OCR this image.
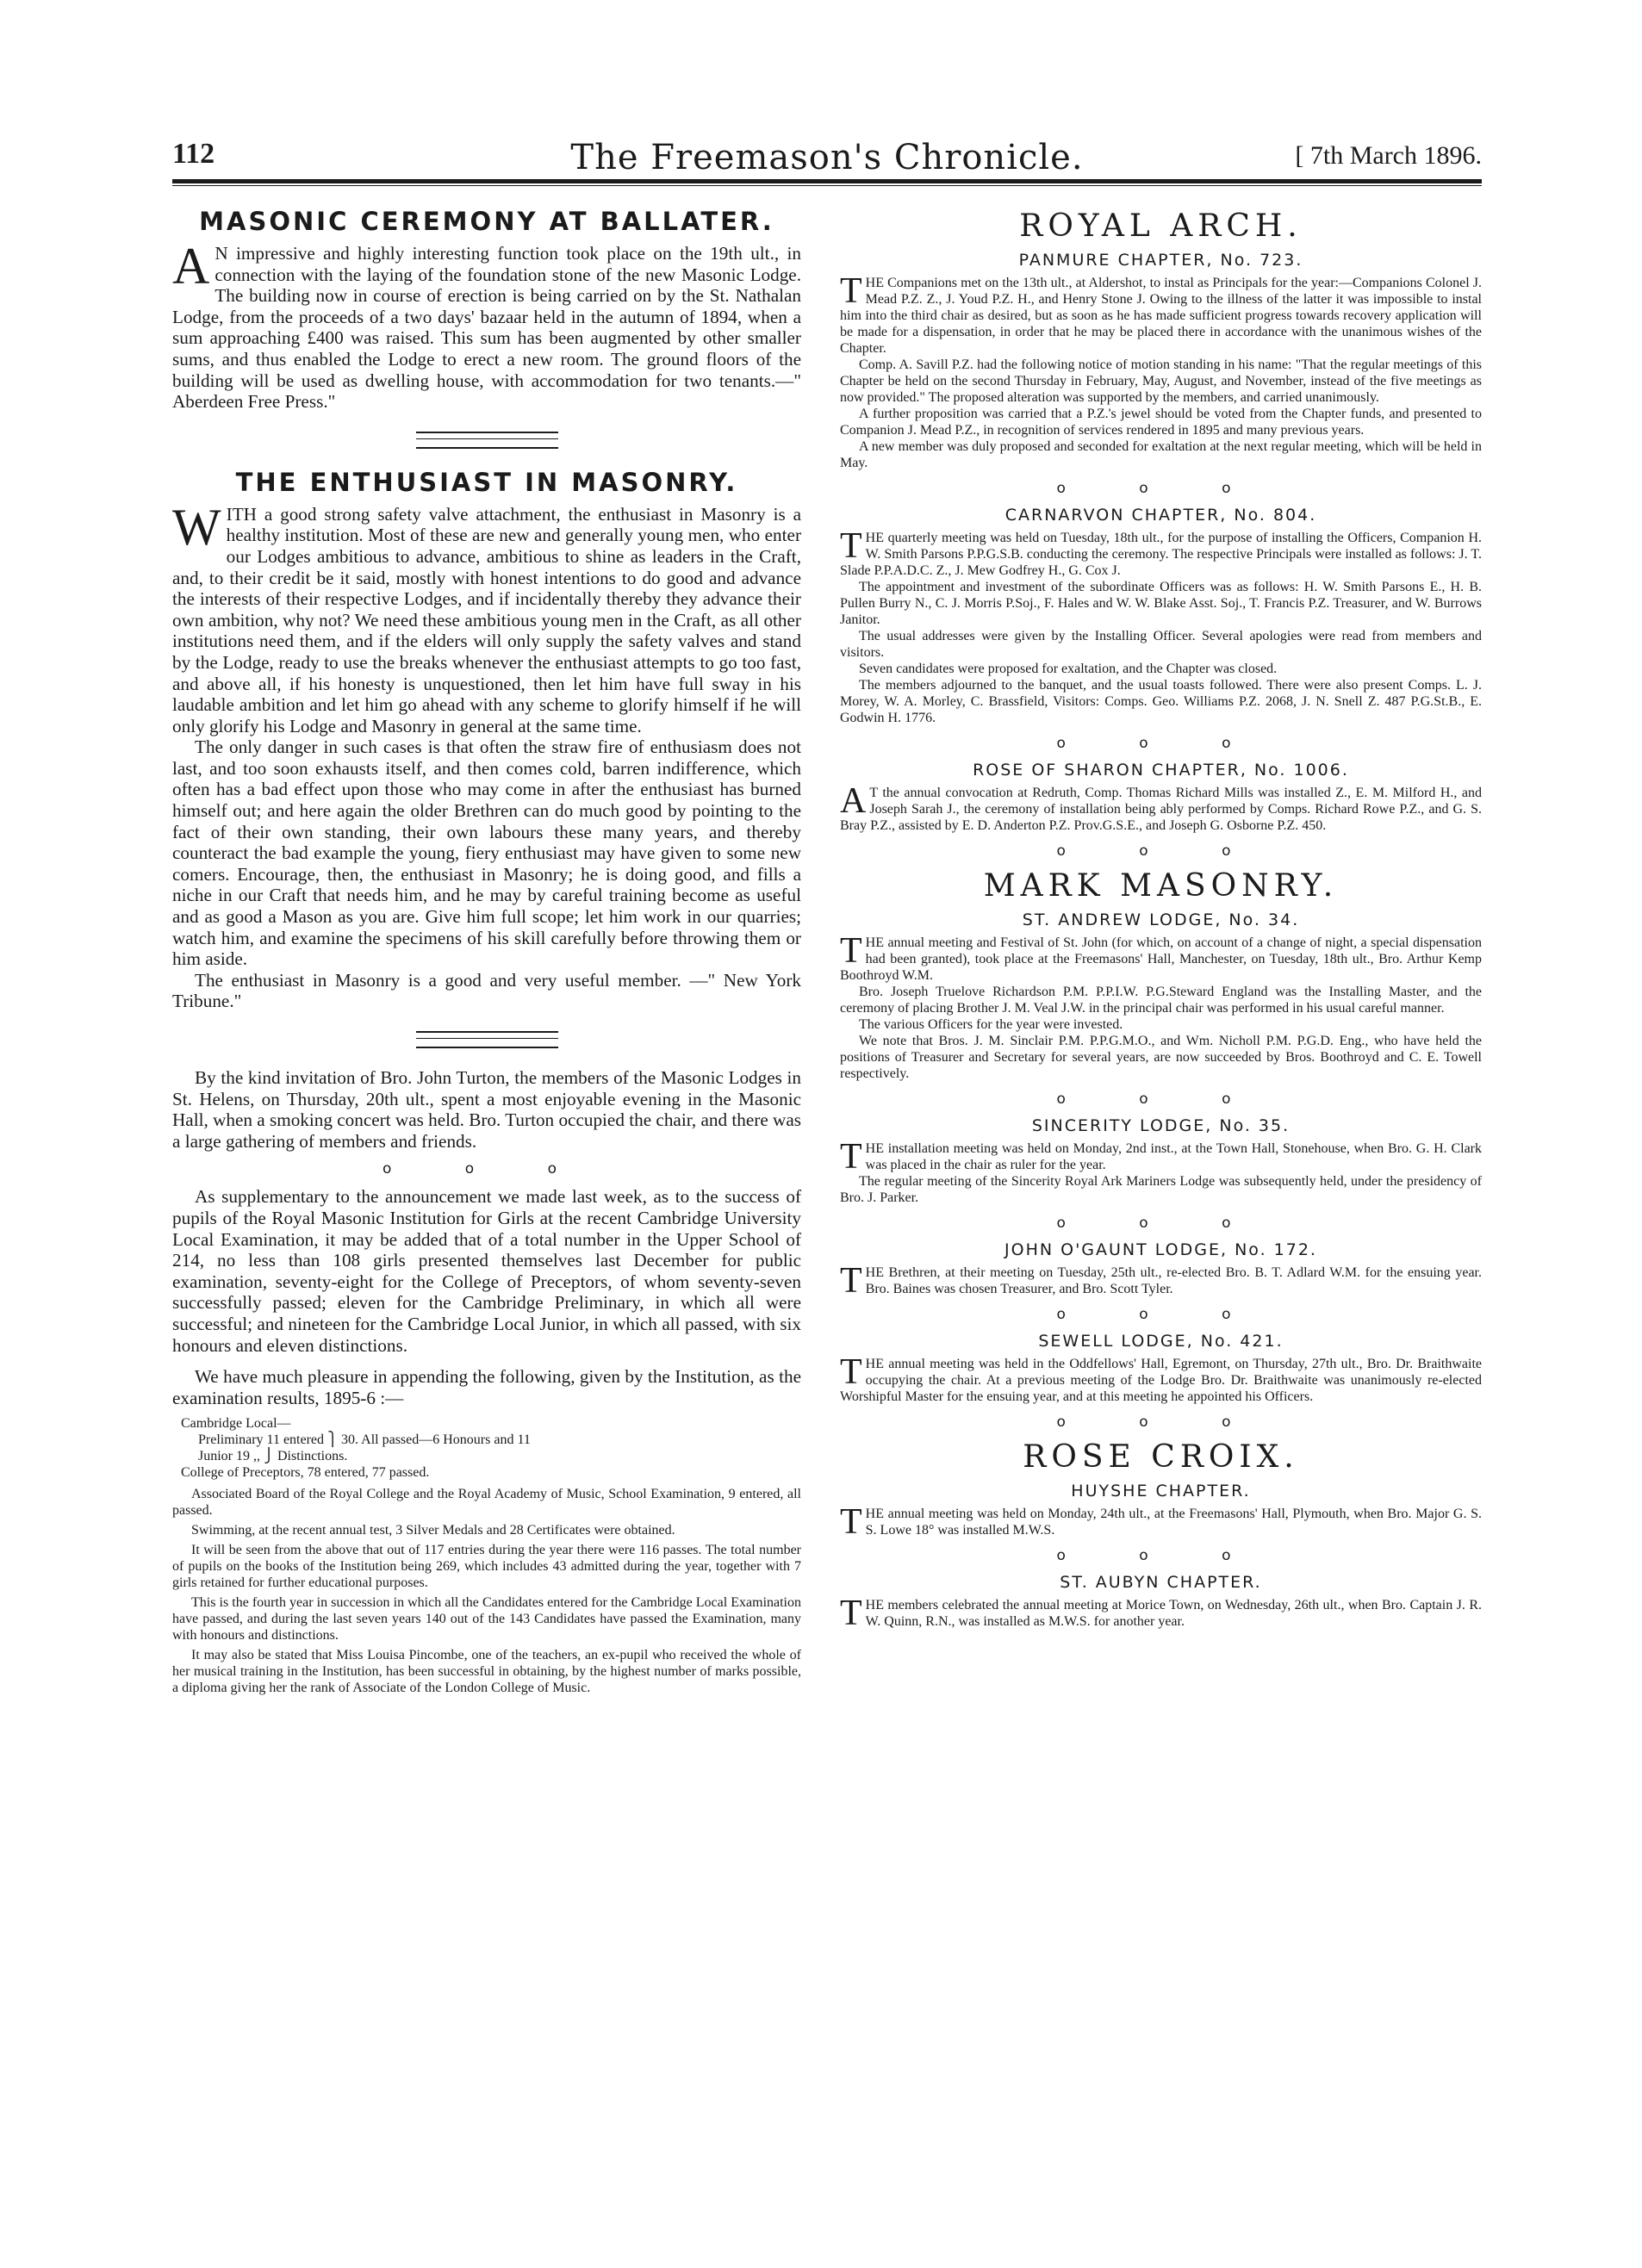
112	The Freemason's Chronicle.	[ 7th March 1896.
MASONIC CEREMONY AT BALLATER.
A N impressive and highly interesting function took place on the 19th ult., in connection with the laying of the foundation stone of the new Masonic Lodge. The building now in course of erection is being carried on by the St. Nathalan Lodge, from the proceeds of a two days' bazaar held in the autumn of 1894, when a sum approaching £400 was raised. This sum has been augmented by other smaller sums, and thus enabled the Lodge to erect a new room. The ground floors of the building will be used as dwelling house, with accommodation for two tenants.—" Aberdeen Free Press."
THE ENTHUSIAST IN MASONRY.

WITH a good strong safety valve attachment, the enthusiast in Masonry is a healthy institution. Most of these are new and generally young men, who enter our Lodges ambitious to advance, ambitious to shine as leaders in the Craft, and, to their credit be it said, mostly with honest intentions to do good and advance the interests of their respective Lodges, and if incidentally thereby they advance their own ambition, why not? We need these ambitious young men in the Craft, as all other institutions need them, and if the elders will only supply the safety valves and stand by the Lodge, ready to use the breaks whenever the enthusiast attempts to go too fast, and above all, if his honesty is unquestioned, then let him have full sway in his laudable ambition and let him go ahead with any scheme to glorify himself if he will only glorify his Lodge and Masonry in general at the same time.

The only danger in such cases is that often the straw fire of enthusiasm does not last, and too soon exhausts itself, and then comes cold, barren indifference, which often has a bad effect upon those who may come in after the enthusiast has burned himself out; and here again the older Brethren can do much good by pointing to the fact of their own standing, their own labours these many years, and thereby counteract the bad example the young, fiery enthusiast may have given to some new comers. Encourage, then, the enthusiast in Masonry; he is doing good, and fills a niche in our Craft that needs him, and he may by careful training become as useful and as good a Mason as you are. Give him full scope; let him work in our quarries; watch him, and examine the specimens of his skill carefully before throwing them or him aside.

The enthusiast in Masonry is a good and very useful member. —" New York Tribune."

By the kind invitation of Bro. John Turton, the members of the Masonic Lodges in St. Helens, on Thursday, 20th ult., spent a most enjoyable evening in the Masonic Hall, when a smoking concert was held. Bro. Turton occupied the chair, and there was a large gathering of members and friends.

o o o

As supplementary to the announcement we made last week, as to the success of pupils of the Royal Masonic Institution for Girls at the recent Cambridge University Local Examination, it may be added that of a total number in the Upper School of 214, no less than 108 girls presented themselves last December for public examination, seventy-eight for the College of Preceptors, of whom seventy-seven successfully passed; eleven for the Cambridge Preliminary, in which all were successful; and nineteen for the Cambridge Local Junior, in which all passed, with six honours and eleven distinctions.

We have much pleasure in appending the following, given by the Institution, as the examination results, 1895-6 :—

Cambridge Local—
Preliminary 11 entered ⎫ 30. All passed—6 Honours and 11
Junior 19 ,, ⎭ Distinctions.
College of Preceptors, 78 entered, 77 passed.

Associated Board of the Royal College and the Royal Academy of Music, School Examination, 9 entered, all passed.

Swimming, at the recent annual test, 3 Silver Medals and 28 Certificates were obtained.

It will be seen from the above that out of 117 entries during the year there were 116 passes. The total number of pupils on the books of the Institution being 269, which includes 43 admitted during the year, together with 7 girls retained for further educational purposes.

This is the fourth year in succession in which all the Candidates entered for the Cambridge Local Examination have passed, and during the last seven years 140 out of the 143 Candidates have passed the Examination, many with honours and distinctions.

It may also be stated that Miss Louisa Pincombe, one of the teachers, an ex-pupil who received the whole of her musical training in the Institution, has been successful in obtaining, by the highest number of marks possible, a diploma giving her the rank of Associate of the London College of Music.

ROYAL ARCH.
PANMURE CHAPTER, No. 723.

THE Companions met on the 13th ult., at Aldershot, to instal as Principals for the year:—Companions Colonel J. Mead P.Z. Z., J. Youd P.Z. H., and Henry Stone J. Owing to the illness of the latter it was impossible to instal him into the third chair as desired, but as soon as he has made sufficient progress towards recovery application will be made for a dispensation, in order that he may be placed there in accordance with the unanimous wishes of the Chapter.

Comp. A. Savill P.Z. had the following notice of motion standing in his name: "That the regular meetings of this Chapter be held on the second Thursday in February, May, August, and November, instead of the five meetings as now provided." The proposed alteration was supported by the members, and carried unanimously.

A further proposition was carried that a P.Z.'s jewel should be voted from the Chapter funds, and presented to Companion J. Mead P.Z., in recognition of services rendered in 1895 and many previous years.

A new member was duly proposed and seconded for exaltation at the next regular meeting, which will be held in May.

o o o
CARNARVON CHAPTER, No. 804.

THE quarterly meeting was held on Tuesday, 18th ult., for the purpose of installing the Officers, Companion H. W. Smith Parsons P.P.G.S.B. conducting the ceremony. The respective Principals were installed as follows: J. T. Slade P.P.A.D.C. Z., J. Mew Godfrey H., G. Cox J.

The appointment and investment of the subordinate Officers was as follows: H. W. Smith Parsons E., H. B. Pullen Burry N., C. J. Morris P.Soj., F. Hales and W. W. Blake Asst. Soj., T. Francis P.Z. Treasurer, and W. Burrows Janitor.

The usual addresses were given by the Installing Officer. Several apologies were read from members and visitors.

Seven candidates were proposed for exaltation, and the Chapter was closed.

The members adjourned to the banquet, and the usual toasts followed. There were also present Comps. L. J. Morey, W. A. Morley, C. Brassfield, Visitors: Comps. Geo. Williams P.Z. 2068, J. N. Snell Z. 487 P.G.St.B., E. Godwin H. 1776.

o o o
ROSE OF SHARON CHAPTER, No. 1006.

A T the annual convocation at Redruth, Comp. Thomas Richard Mills was installed Z., E. M. Milford H., and Joseph Sarah J., the ceremony of installation being ably performed by Comps. Richard Rowe P.Z., and G. S. Bray P.Z., assisted by E. D. Anderton P.Z. Prov.G.S.E., and Joseph G. Osborne P.Z. 450.

o o o
MARK MASONRY.
ST. ANDREW LODGE, No. 34.

THE annual meeting and Festival of St. John (for which, on account of a change of night, a special dispensation had been granted), took place at the Freemasons' Hall, Manchester, on Tuesday, 18th ult., Bro. Arthur Kemp Boothroyd W.M.

Bro. Joseph Truelove Richardson P.M. P.P.I.W. P.G.Steward England was the Installing Master, and the ceremony of placing Brother J. M. Veal J.W. in the principal chair was performed in his usual careful manner.

The various Officers for the year were invested.

We note that Bros. J. M. Sinclair P.M. P.P.G.M.O., and Wm. Nicholl P.M. P.G.D. Eng., who have held the positions of Treasurer and Secretary for several years, are now succeeded by Bros. Boothroyd and C. E. Towell respectively.

o o o
SINCERITY LODGE, No. 35.

THE installation meeting was held on Monday, 2nd inst., at the Town Hall, Stonehouse, when Bro. G. H. Clark was placed in the chair as ruler for the year.

The regular meeting of the Sincerity Royal Ark Mariners Lodge was subsequently held, under the presidency of Bro. J. Parker.

o o o
JOHN O'GAUNT LODGE, No. 172.

THE Brethren, at their meeting on Tuesday, 25th ult., re-elected Bro. B. T. Adlard W.M. for the ensuing year. Bro. Baines was chosen Treasurer, and Bro. Scott Tyler.

o o o
SEWELL LODGE, No. 421.

THE annual meeting was held in the Oddfellows' Hall, Egremont, on Thursday, 27th ult., Bro. Dr. Braithwaite occupying the chair. At a previous meeting of the Lodge Bro. Dr. Braithwaite was unanimously re-elected Worshipful Master for the ensuing year, and at this meeting he appointed his Officers.

o o o
ROSE CROIX.
HUYSHE CHAPTER.

THE annual meeting was held on Monday, 24th ult., at the Freemasons' Hall, Plymouth, when Bro. Major G. S. S. Lowe 18° was installed M.W.S.

o o o
ST. AUBYN CHAPTER.

THE members celebrated the annual meeting at Morice Town, on Wednesday, 26th ult., when Bro. Captain J. R. W. Quinn, R.N., was installed as M.W.S. for another year.
